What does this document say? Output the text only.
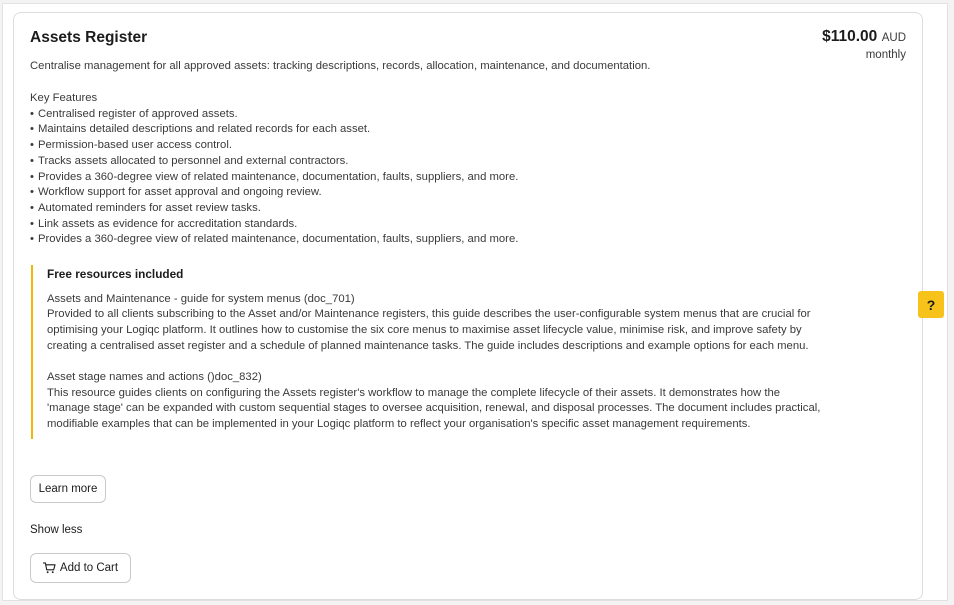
Assets Register	$110.00 AUD
monthly
Centralise management for all approved assets: tracking descriptions, records, allocation, maintenance, and documentation.
Key Features
• Centralised register of approved assets.
• Maintains detailed descriptions and related records for each asset.
• Permission-based user access control.
• Tracks assets allocated to personnel and external contractors.
• Provides a 360-degree view of related maintenance, documentation, faults, suppliers, and more.
• Workflow support for asset approval and ongoing review.
• Automated reminders for asset review tasks.
• Link assets as evidence for accreditation standards.
• Provides a 360-degree view of related maintenance, documentation, faults, suppliers, and more.
Free resources included
Assets and Maintenance - guide for system menus (doc_701)
Provided to all clients subscribing to the Asset and/or Maintenance registers, this guide describes the user-configurable system menus that are crucial for
optimising your Logiqc platform. It outlines how to customise the six core menus to maximise asset lifecycle value, minimise risk, and improve safety by
creating a centralised asset register and a schedule of planned maintenance tasks. The guide includes descriptions and example options for each menu.
Asset stage names and actions ()doc_832)
This resource guides clients on configuring the Assets register's workflow to manage the complete lifecycle of their assets. It demonstrates how the
'manage stage' can be expanded with custom sequential stages to oversee acquisition, renewal, and disposal processes. The document includes practical,
modifiable examples that can be implemented in your Logiqc platform to reflect your organisation's specific asset management requirements.
Learn more
Show less
Add to Cart
?
